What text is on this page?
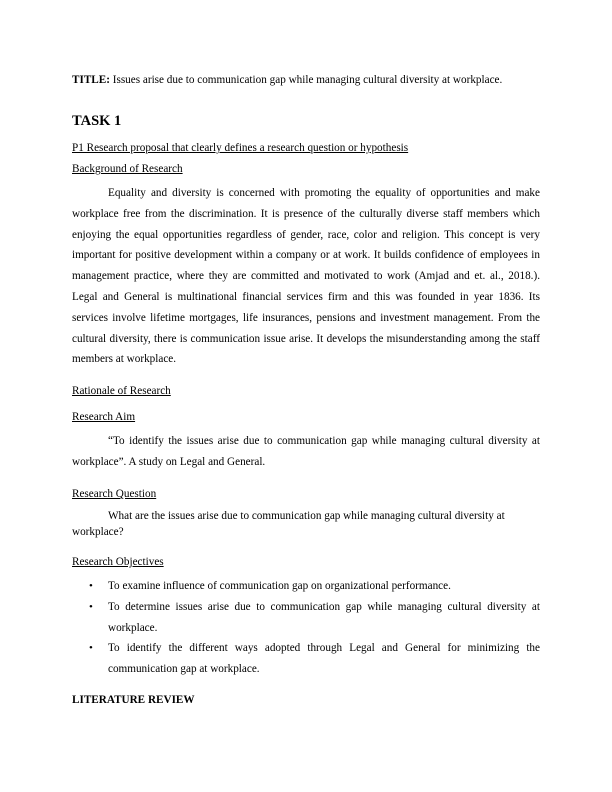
TITLE: Issues arise due to communication gap while managing cultural diversity at workplace.
TASK 1
P1 Research proposal that clearly defines a research question or hypothesis
Background of Research

Equality and diversity is concerned with promoting the equality of opportunities and make workplace free from the discrimination. It is presence of the culturally diverse staff members which enjoying the equal opportunities regardless of gender, race, color and religion. This concept is very important for positive development within a company or at work. It builds confidence of employees in management practice, where they are committed and motivated to work (Amjad and et. al., 2018.). Legal and General is multinational financial services firm and this was founded in year 1836. Its services involve lifetime mortgages, life insurances, pensions and investment management. From the cultural diversity, there is communication issue arise. It develops the misunderstanding among the staff members at workplace.

Rationale of Research
Research Aim

“To identify the issues arise due to communication gap while managing cultural diversity at workplace”. A study on Legal and General.

Research Question

What are the issues arise due to communication gap while managing cultural diversity at workplace?

Research Objectives
• To examine influence of communication gap on organizational performance.
• To determine issues arise due to communication gap while managing cultural diversity at workplace.
• To identify the different ways adopted through Legal and General for minimizing the communication gap at workplace.
LITERATURE REVIEW
